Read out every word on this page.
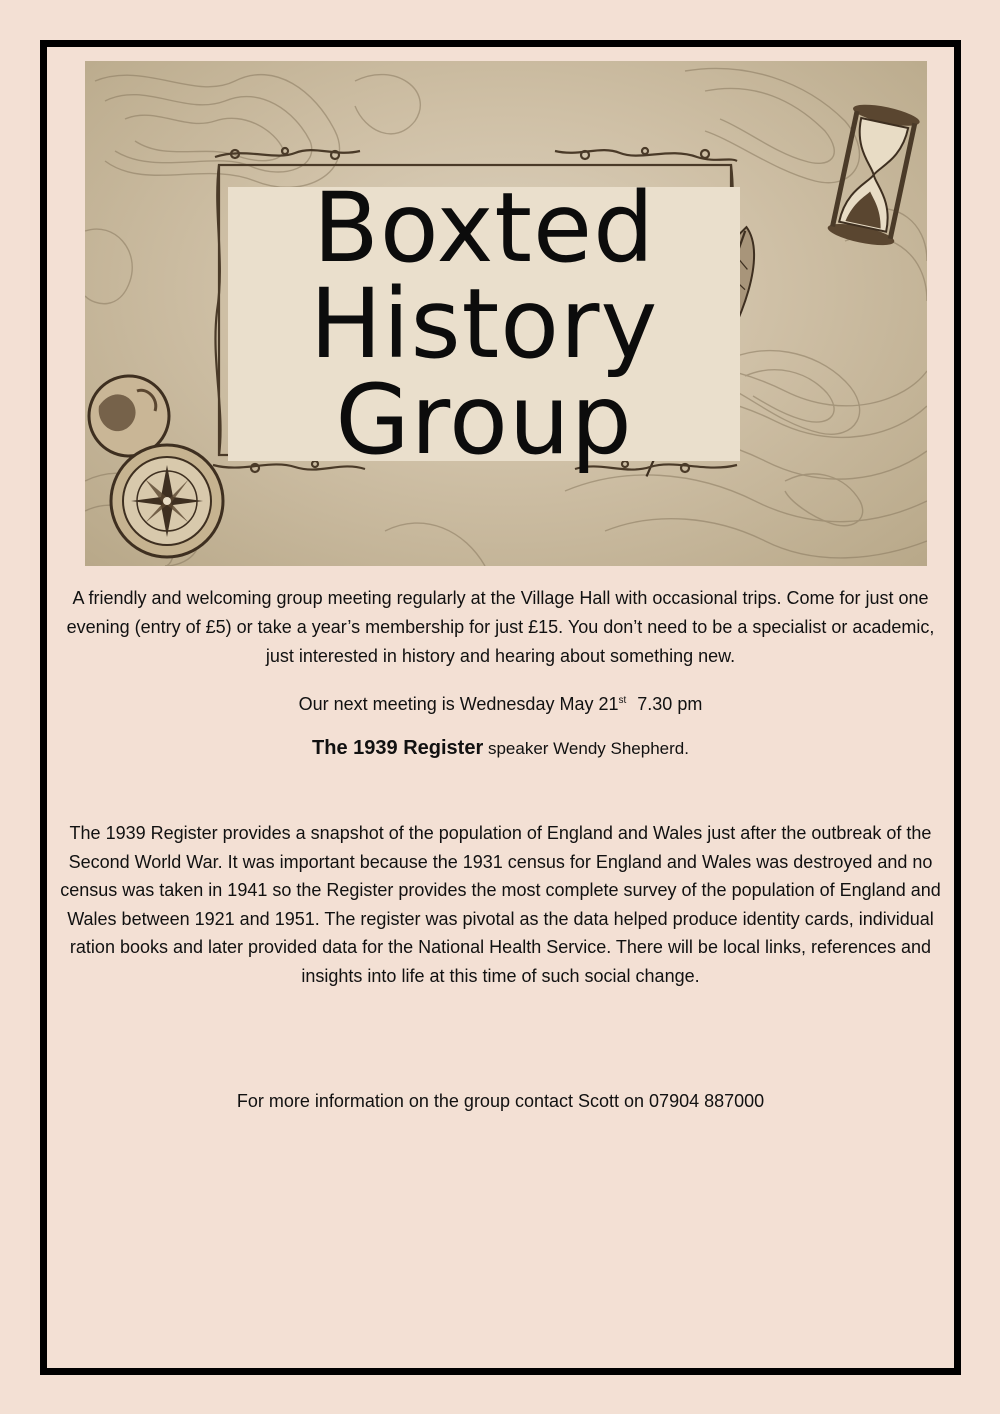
Boxted
History
Group
A friendly and welcoming group meeting regularly at the Village Hall with occasional trips. Come for just one evening (entry of £5) or take a year’s membership for just £15. You don’t need to be a specialist or academic, just interested in history and hearing about something new.
Our next meeting is Wednesday May 21st 7.30 pm
The 1939 Register speaker Wendy Shepherd.
The 1939 Register provides a snapshot of the population of England and Wales just after the outbreak of the Second World War. It was important because the 1931 census for England and Wales was destroyed and no census was taken in 1941 so the Register provides the most complete survey of the population of England and Wales between 1921 and 1951. The register was pivotal as the data helped produce identity cards, individual ration books and later provided data for the National Health Service. There will be local links, references and insights into life at this time of such social change.
For more information on the group contact Scott on 07904 887000
